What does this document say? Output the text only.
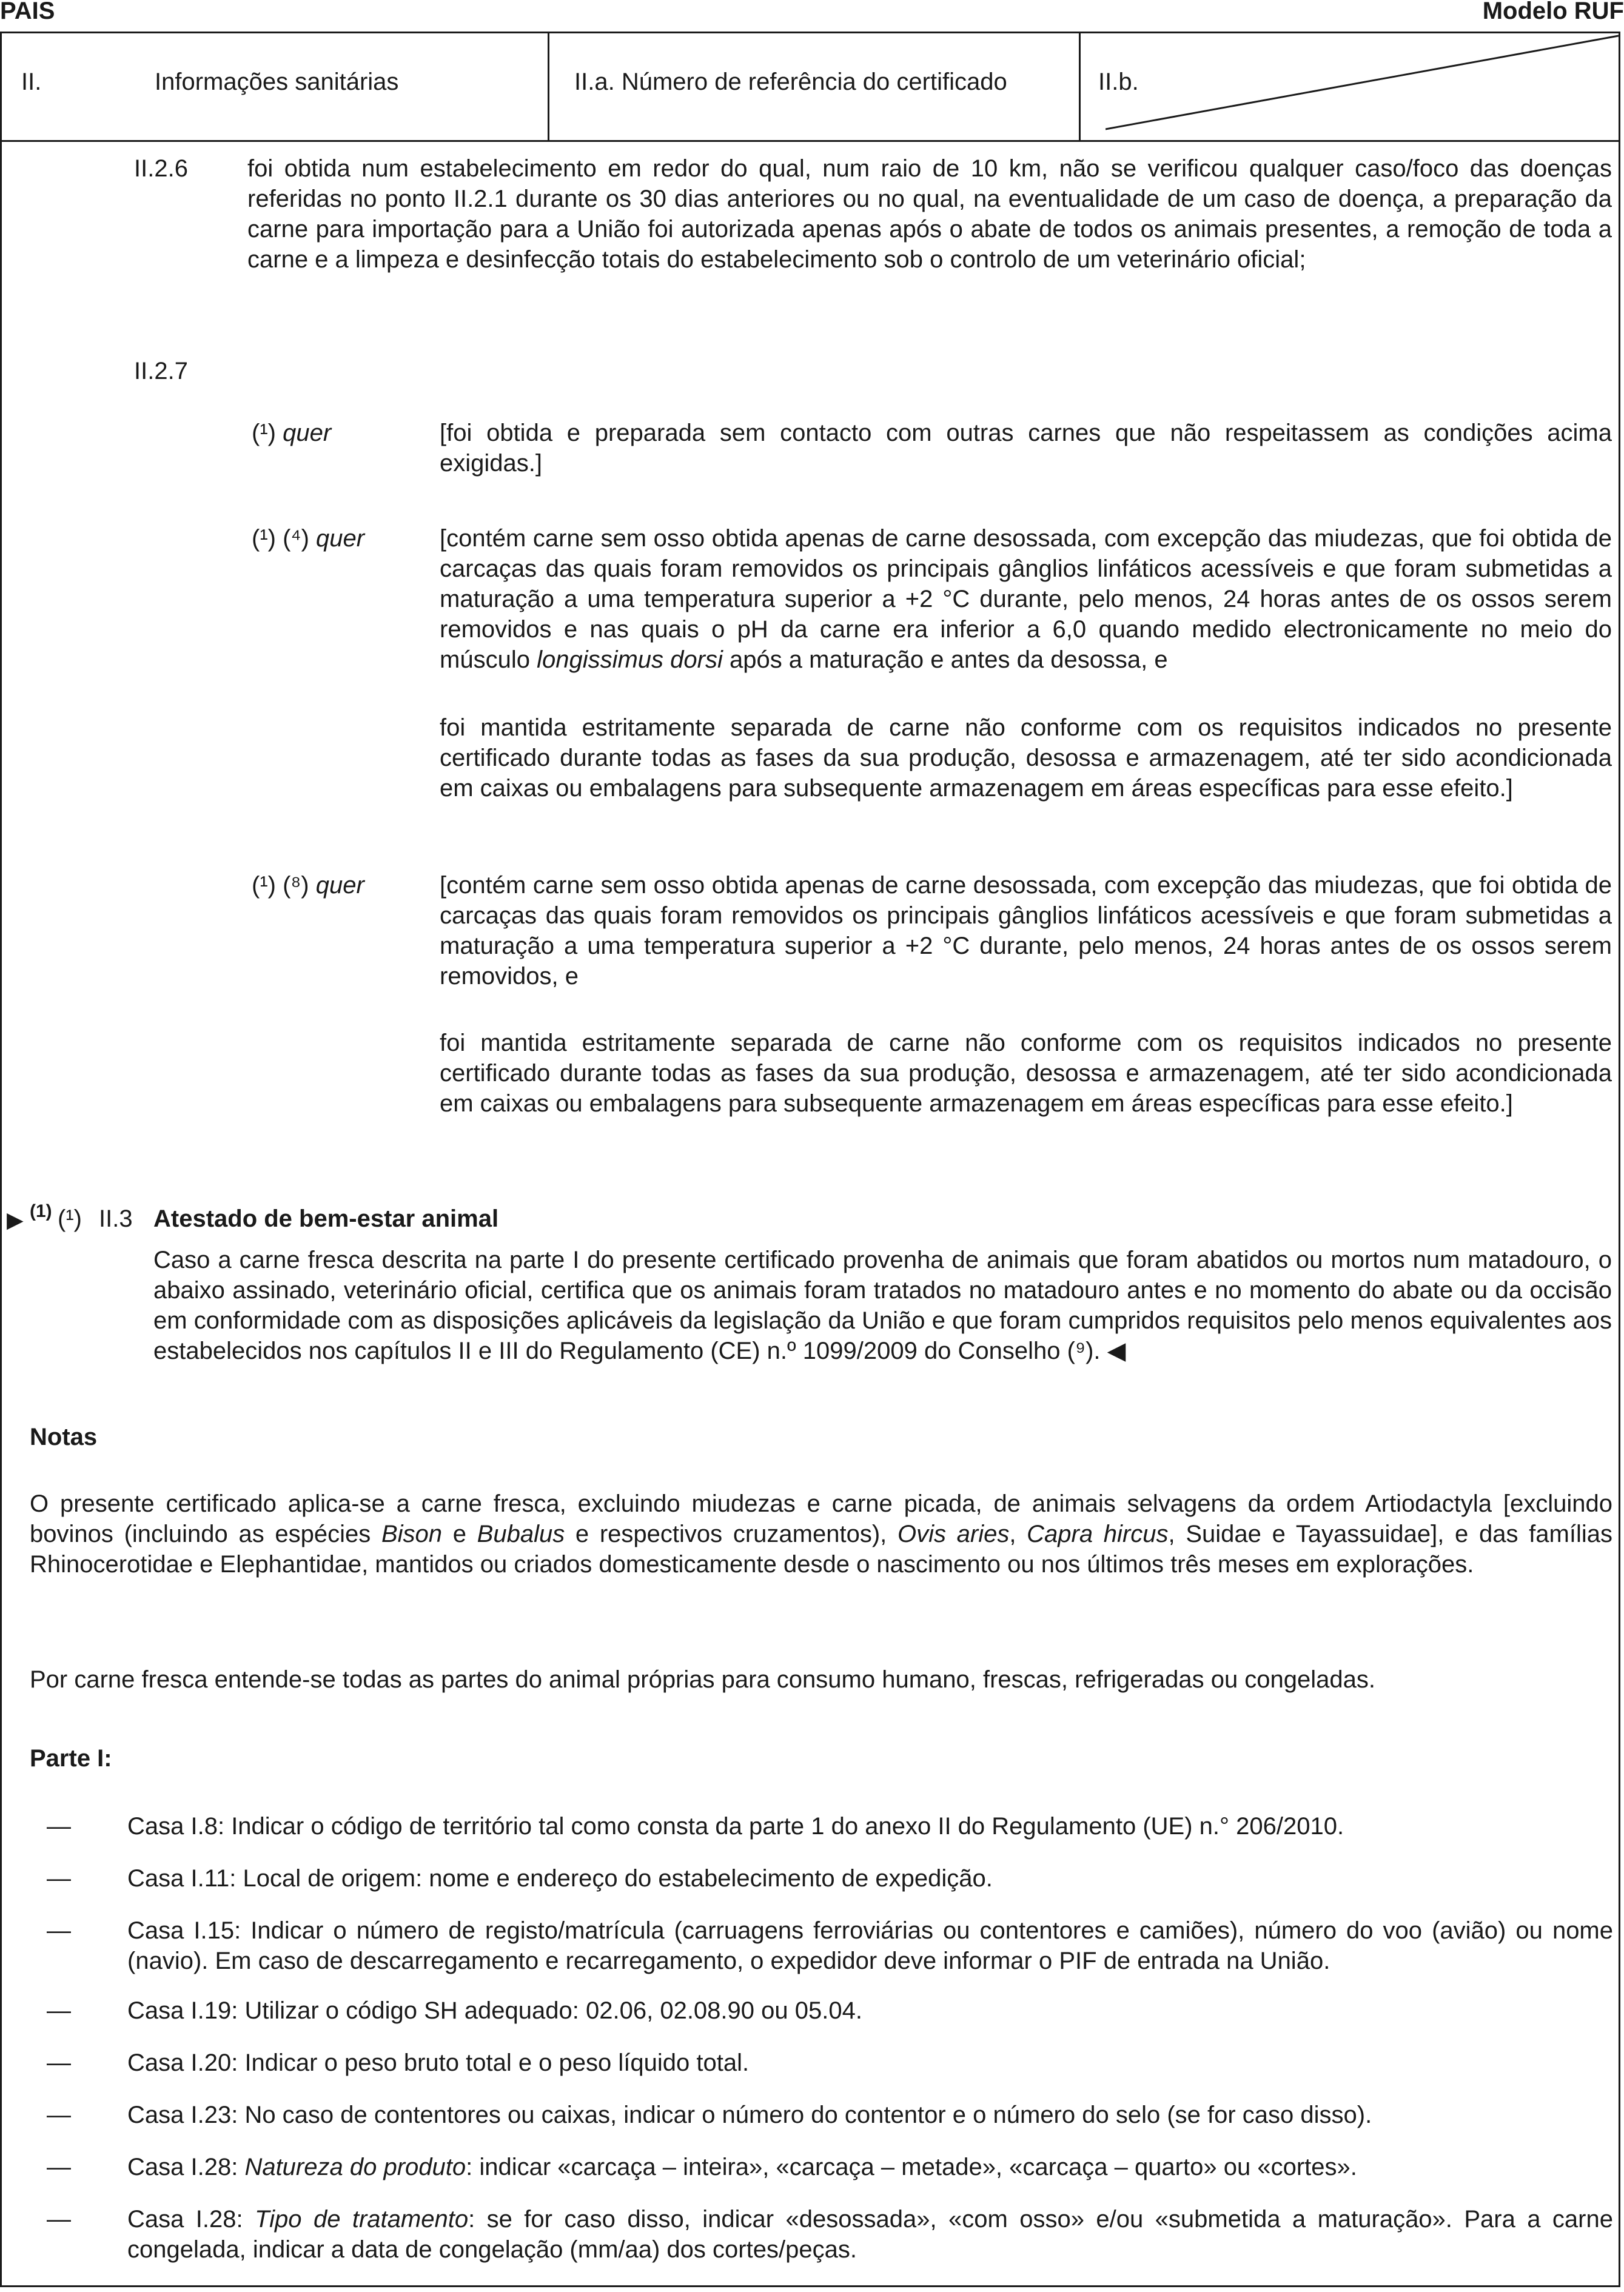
PAIS	Modelo RUF
II.	Informações sanitárias	II.a. Número de referência do certificado	II.b.
II.2.6 foi obtida num estabelecimento em redor do qual, num raio de 10 km, não se verificou qualquer caso/foco das doenças referidas no ponto II.2.1 durante os 30 dias anteriores ou no qual, na eventualidade de um caso de doença, a preparação da carne para importação para a União foi autorizada apenas após o abate de todos os animais presentes, a remoção de toda a carne e a limpeza e desinfecção totais do estabelecimento sob o controlo de um veterinário oficial;
II.2.7
(¹) quer	[foi obtida e preparada sem contacto com outras carnes que não respeitassem as condições acima exigidas.]
(¹) (⁴) quer	[contém carne sem osso obtida apenas de carne desossada, com excepção das miudezas, que foi obtida de carcaças das quais foram removidos os principais gânglios linfáticos acessíveis e que foram submetidas a maturação a uma temperatura superior a +2 °C durante, pelo menos, 24 horas antes de os ossos serem removidos e nas quais o pH da carne era inferior a 6,0 quando medido electronicamente no meio do músculo longissimus dorsi após a maturação e antes da desossa, e
foi mantida estritamente separada de carne não conforme com os requisitos indicados no presente certificado durante todas as fases da sua produção, desossa e armazenagem, até ter sido acondicionada em caixas ou embalagens para subsequente armazenagem em áreas específicas para esse efeito.]
(¹) (⁸) quer	[contém carne sem osso obtida apenas de carne desossada, com excepção das miudezas, que foi obtida de carcaças das quais foram removidos os principais gânglios linfáticos acessíveis e que foram submetidas a maturação a uma temperatura superior a +2 °C durante, pelo menos, 24 horas antes de os ossos serem removidos, e
foi mantida estritamente separada de carne não conforme com os requisitos indicados no presente certificado durante todas as fases da sua produção, desossa e armazenagem, até ter sido acondicionada em caixas ou embalagens para subsequente armazenagem em áreas específicas para esse efeito.]
▶ (1) (¹) II.3 Atestado de bem-estar animal
Caso a carne fresca descrita na parte I do presente certificado provenha de animais que foram abatidos ou mortos num matadouro, o abaixo assinado, veterinário oficial, certifica que os animais foram tratados no matadouro antes e no momento do abate ou da occisão em conformidade com as disposições aplicáveis da legislação da União e que foram cumpridos requisitos pelo menos equivalentes aos estabelecidos nos capítulos II e III do Regulamento (CE) n.º 1099/2009 do Conselho (⁹). ◀
Notas
O presente certificado aplica-se a carne fresca, excluindo miudezas e carne picada, de animais selvagens da ordem Artiodactyla [excluindo bovinos (incluindo as espécies Bison e Bubalus e respectivos cruzamentos), Ovis aries, Capra hircus, Suidae e Tayassuidae], e das famílias Rhinocerotidae e Elephantidae, mantidos ou criados domesticamente desde o nascimento ou nos últimos três meses em explorações.
Por carne fresca entende-se todas as partes do animal próprias para consumo humano, frescas, refrigeradas ou congeladas.
Parte I:
— Casa I.8: Indicar o código de território tal como consta da parte 1 do anexo II do Regulamento (UE) n.° 206/2010.
— Casa I.11: Local de origem: nome e endereço do estabelecimento de expedição.
— Casa I.15: Indicar o número de registo/matrícula (carruagens ferroviárias ou contentores e camiões), número do voo (avião) ou nome (navio). Em caso de descarregamento e recarregamento, o expedidor deve informar o PIF de entrada na União.
— Casa I.19: Utilizar o código SH adequado: 02.06, 02.08.90 ou 05.04.
— Casa I.20: Indicar o peso bruto total e o peso líquido total.
— Casa I.23: No caso de contentores ou caixas, indicar o número do contentor e o número do selo (se for caso disso).
— Casa I.28: Natureza do produto: indicar «carcaça – inteira», «carcaça – metade», «carcaça – quarto» ou «cortes».
— Casa I.28: Tipo de tratamento: se for caso disso, indicar «desossada», «com osso» e/ou «submetida a maturação». Para a carne congelada, indicar a data de congelação (mm/aa) dos cortes/peças.
